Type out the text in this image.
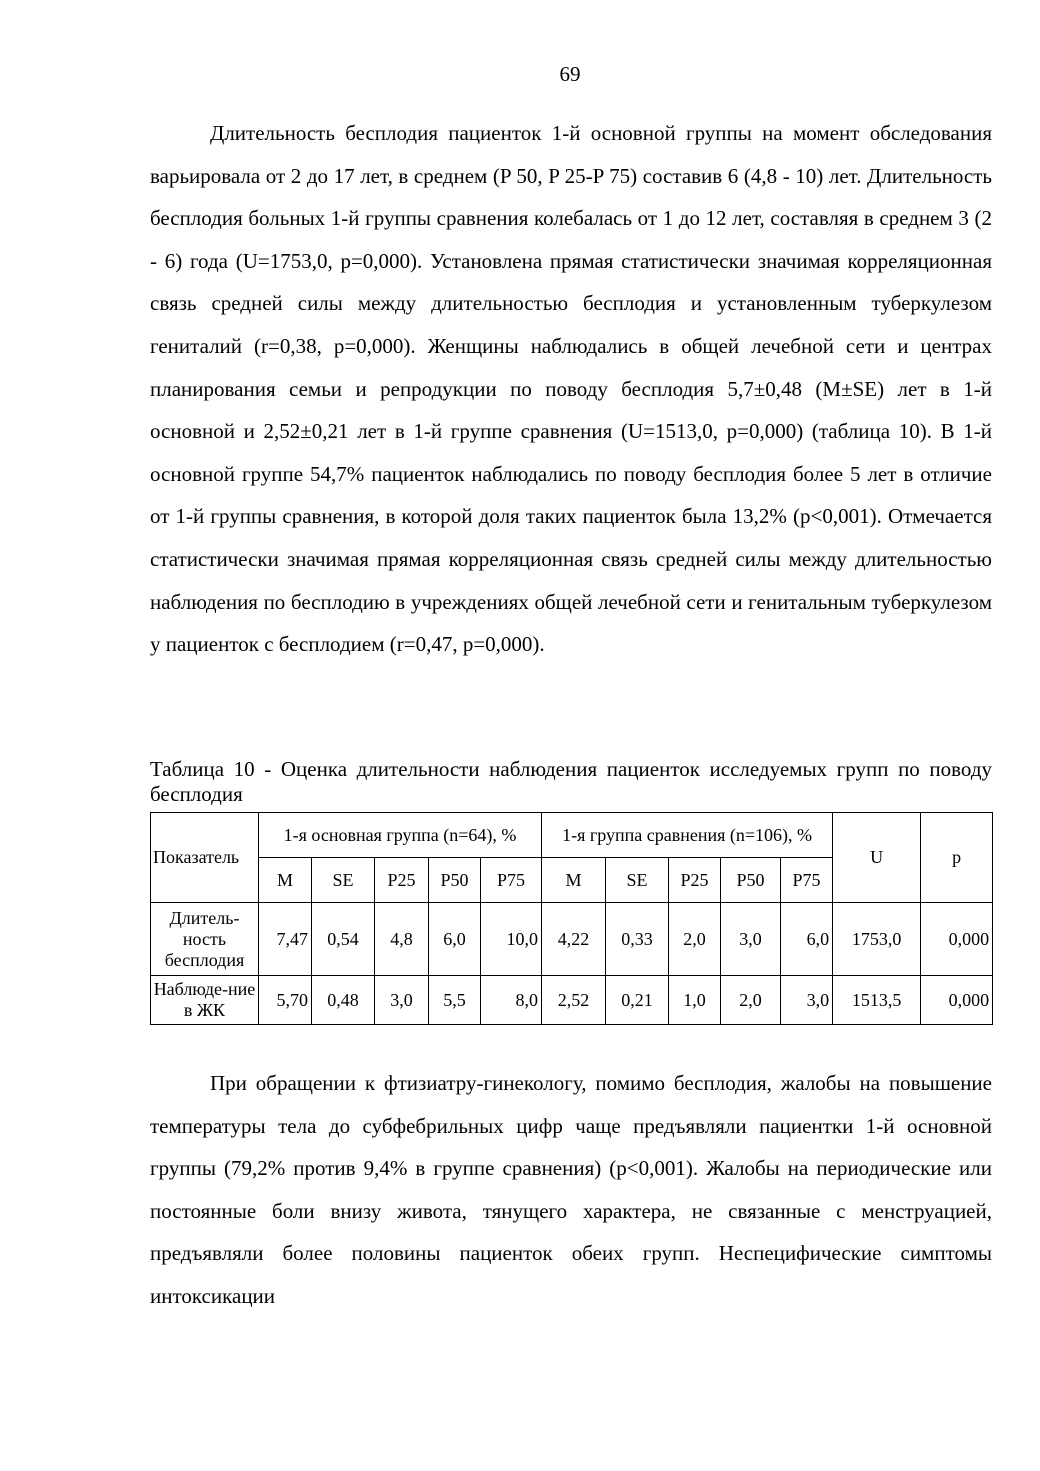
69

Длительность бесплодия пациенток 1-й основной группы на момент обследования варьировала от 2 до 17 лет, в среднем (P 50, P 25-P 75) составив 6 (4,8 - 10) лет. Длительность бесплодия больных 1-й группы сравнения колебалась от 1 до 12 лет, составляя в среднем 3 (2 - 6) года (U=1753,0, p=0,000). Установлена прямая статистически значимая корреляционная связь средней силы между длительностью бесплодия и установленным туберкулезом гениталий (r=0,38, p=0,000). Женщины наблюдались в общей лечебной сети и центрах планирования семьи и репродукции по поводу бесплодия 5,7±0,48 (M±SE) лет в 1-й основной и 2,52±0,21 лет в 1-й группе сравнения (U=1513,0, p=0,000) (таблица 10). В 1-й основной группе 54,7% пациенток наблюдались по поводу бесплодия более 5 лет в отличие от 1-й группы сравнения, в которой доля таких пациенток была 13,2% (p<0,001). Отмечается статистически значимая прямая корреляционная связь средней силы между длительностью наблюдения по бесплодию в учреждениях общей лечебной сети и генитальным туберкулезом у пациенток с бесплодием (r=0,47, p=0,000).

Таблица 10 - Оценка длительности наблюдения пациенток исследуемых групп по поводу бесплодия

Показатель	1-я основная группа (n=64), %					1-я группа сравнения (n=106), %					U	p
	M	SE	P25	P50	P75	M	SE	P25	P50	P75		
Длитель-ность бесплодия	7,47	0,54	4,8	6,0	10,0	4,22	0,33	2,0	3,0	6,0	1753,0	0,000
Наблюде-ние в ЖК	5,70	0,48	3,0	5,5	8,0	2,52	0,21	1,0	2,0	3,0	1513,5	0,000

При обращении к фтизиатру-гинекологу, помимо бесплодия, жалобы на повышение температуры тела до субфебрильных цифр чаще предъявляли пациентки 1-й основной группы (79,2% против 9,4% в группе сравнения) (p<0,001). Жалобы на периодические или постоянные боли внизу живота, тянущего характера, не связанные с менструацией, предъявляли более половины пациенток обеих групп. Неспецифические симптомы интоксикации
